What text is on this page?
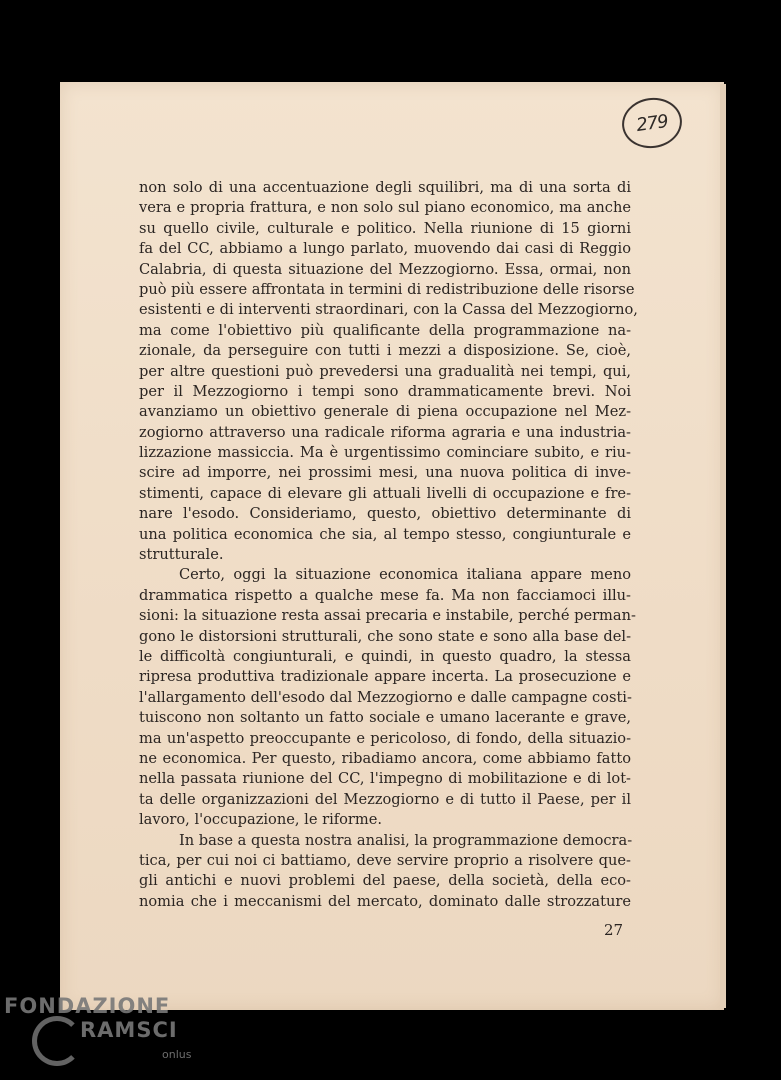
279
non solo di una accentuazione degli squilibri, ma di una sorta di
vera e propria frattura, e non solo sul piano economico, ma anche
su quello civile, culturale e politico. Nella riunione di 15 giorni
fa del CC, abbiamo a lungo parlato, muovendo dai casi di Reggio
Calabria, di questa situazione del Mezzogiorno. Essa, ormai, non
può più essere affrontata in termini di redistribuzione delle risorse
esistenti e di interventi straordinari, con la Cassa del Mezzogiorno,
ma come l'obiettivo più qualificante della programmazione na-
zionale, da perseguire con tutti i mezzi a disposizione. Se, cioè,
per altre questioni può prevedersi una gradualità nei tempi, qui,
per il Mezzogiorno i tempi sono drammaticamente brevi. Noi
avanziamo un obiettivo generale di piena occupazione nel Mez-
zogiorno attraverso una radicale riforma agraria e una industria-
lizzazione massiccia. Ma è urgentissimo cominciare subito, e riu-
scire ad imporre, nei prossimi mesi, una nuova politica di inve-
stimenti, capace di elevare gli attuali livelli di occupazione e fre-
nare l'esodo. Consideriamo, questo, obiettivo determinante di
una politica economica che sia, al tempo stesso, congiunturale e
strutturale.
Certo, oggi la situazione economica italiana appare meno
drammatica rispetto a qualche mese fa. Ma non facciamoci illu-
sioni: la situazione resta assai precaria e instabile, perché perman-
gono le distorsioni strutturali, che sono state e sono alla base del-
le difficoltà congiunturali, e quindi, in questo quadro, la stessa
ripresa produttiva tradizionale appare incerta. La prosecuzione e
l'allargamento dell'esodo dal Mezzogiorno e dalle campagne costi-
tuiscono non soltanto un fatto sociale e umano lacerante e grave,
ma un'aspetto preoccupante e pericoloso, di fondo, della situazio-
ne economica. Per questo, ribadiamo ancora, come abbiamo fatto
nella passata riunione del CC, l'impegno di mobilitazione e di lot-
ta delle organizzazioni del Mezzogiorno e di tutto il Paese, per il
lavoro, l'occupazione, le riforme.
In base a questa nostra analisi, la programmazione democra-
tica, per cui noi ci battiamo, deve servire proprio a risolvere que-
gli antichi e nuovi problemi del paese, della società, della eco-
nomia che i meccanismi del mercato, dominato dalle strozzature
27
FONDAZIONE
RAMSCI
onlus
